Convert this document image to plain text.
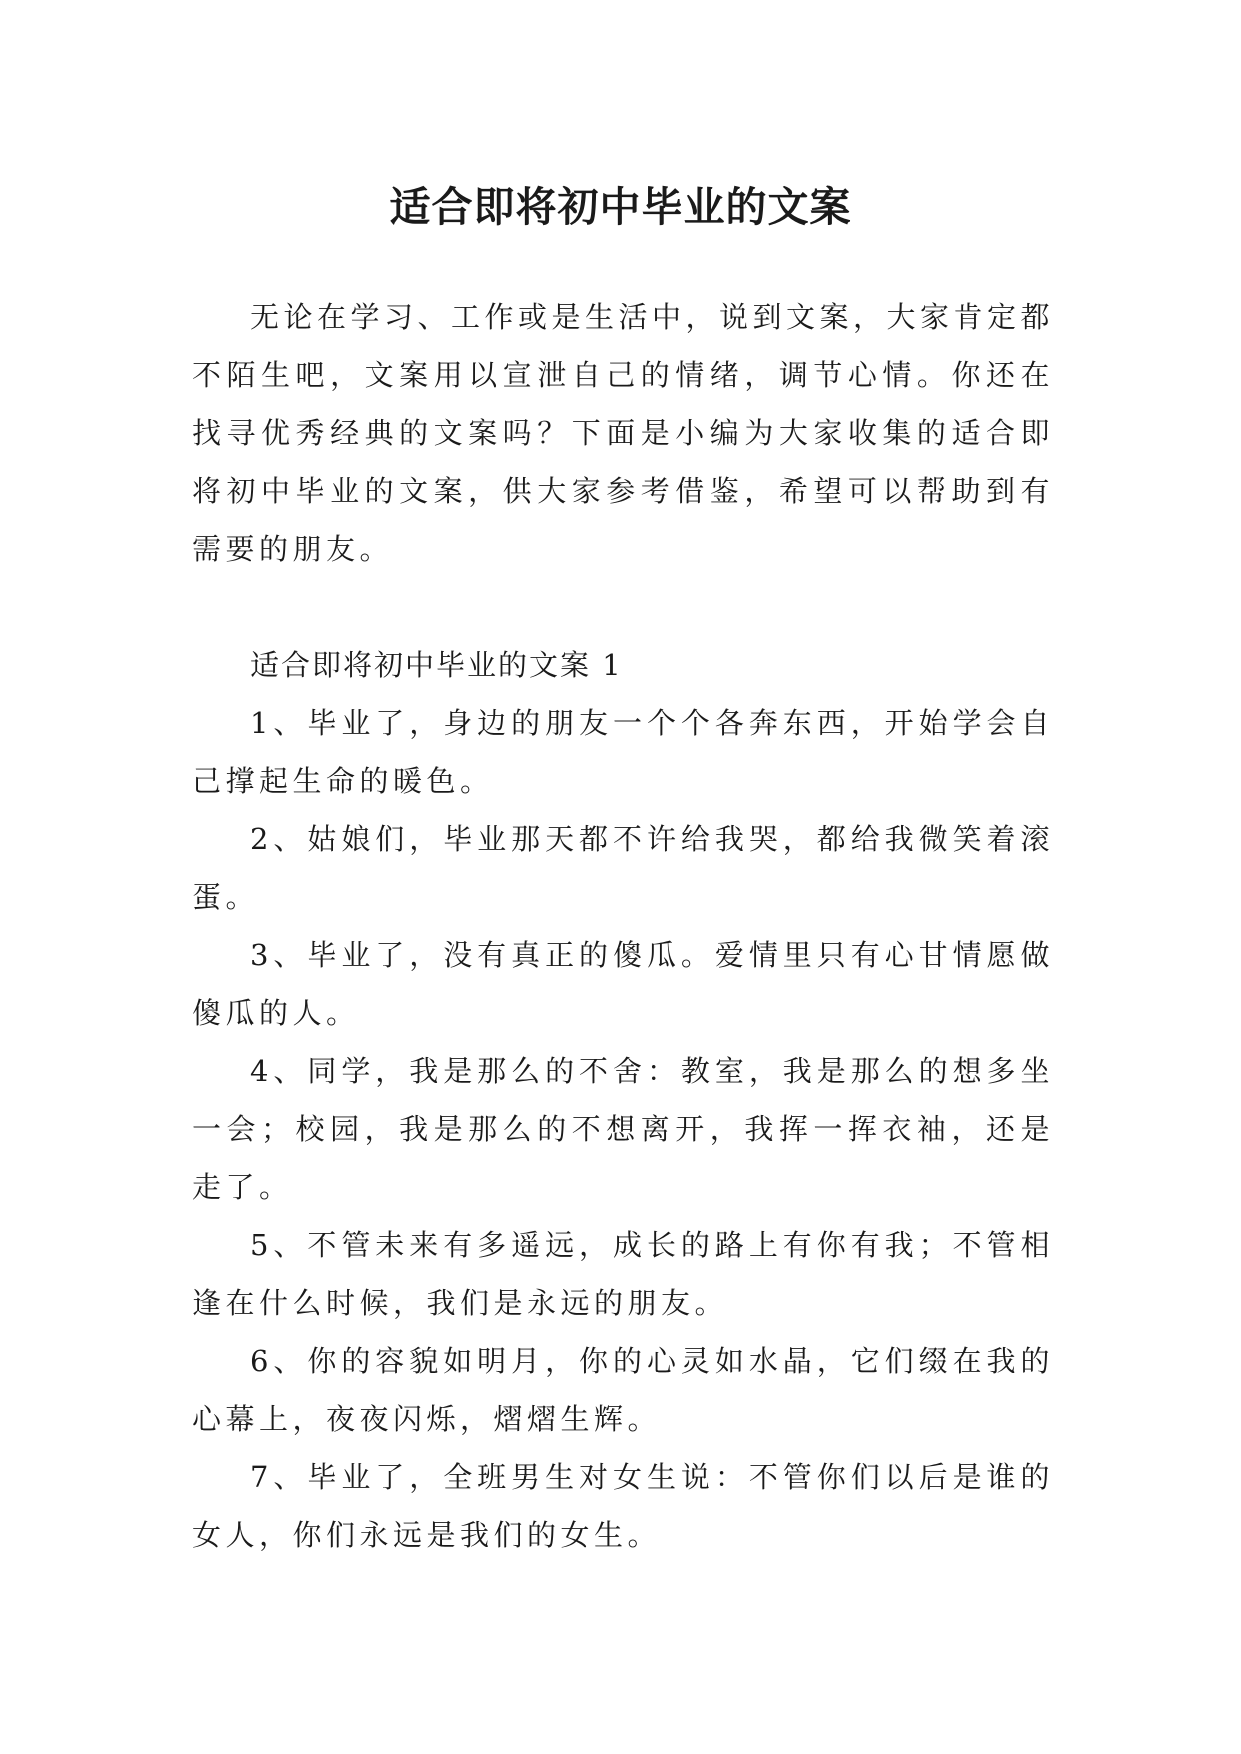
适合即将初中毕业的文案

无论在学习、工作或是生活中，说到文案，大家肯定都不陌生吧，文案用以宣泄自己的情绪，调节心情。你还在找寻优秀经典的文案吗？下面是小编为大家收集的适合即将初中毕业的文案，供大家参考借鉴，希望可以帮助到有需要的朋友。

适合即将初中毕业的文案 1

1、毕业了，身边的朋友一个个各奔东西，开始学会自己撑起生命的暖色。

2、姑娘们，毕业那天都不许给我哭，都给我微笑着滚蛋。

3、毕业了，没有真正的傻瓜。爱情里只有心甘情愿做傻瓜的人。

4、同学，我是那么的不舍：教室，我是那么的想多坐一会；校园，我是那么的不想离开，我挥一挥衣袖，还是走了。

5、不管未来有多遥远，成长的路上有你有我；不管相逢在什么时候，我们是永远的朋友。

6、你的容貌如明月，你的心灵如水晶，它们缀在我的心幕上，夜夜闪烁，熠熠生辉。

7、毕业了，全班男生对女生说：不管你们以后是谁的女人，你们永远是我们的女生。
